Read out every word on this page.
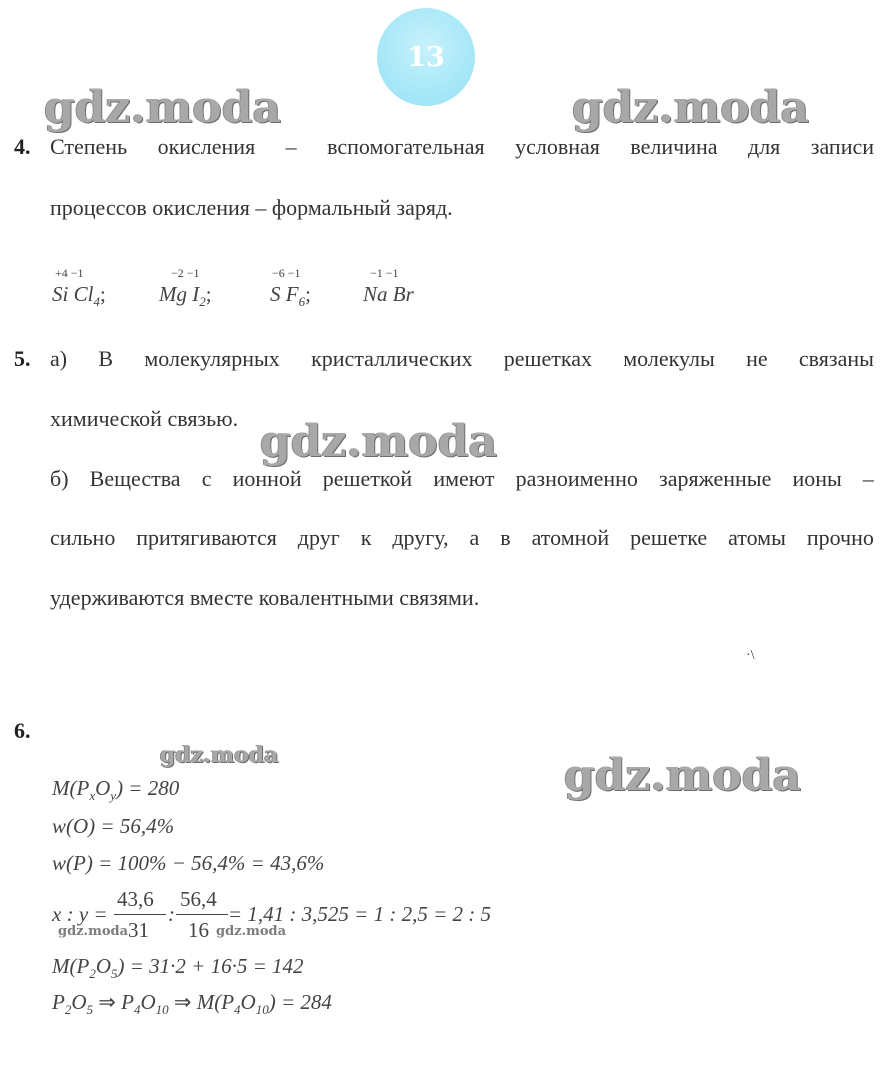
13
gdz.moda	gdz.moda
gdz.moda
gdz.moda	gdz.moda
gdz.moda	gdz.moda
4. Степень окисления – вспомогательная условная величина для записи
процессов окисления – формальный заряд.
+4 −1
Si $Cl_4$;
−2 −1
Mg $I_2$;
−6 −1
S $F_6$;
−1 −1
Na Br
5. а) В молекулярных кристаллических решетках молекулы не связаны
химической связью.
б) Вещества с ионной решеткой имеют разноименно заряженные ионы –
сильно притягиваются друг к другу, а в атомной решетке атомы прочно
удерживаются вместе ковалентными связями.
·\
6.
$M(P_xO_y) = 280$
w(O) = 56,4%
w(P) = 100% − 56,4% = 43,6%
x : y =
43,6
31
:
56,4
16
= 1,41 : 3,525 = 1 : 2,5 = 2 : 5
$M(P_2O_5) = 31\cdot 2 + 16\cdot 5 = 142$
$P_2O_5$ ⇒ $P_4O_{10}$ ⇒ $M(P_4O_{10}) = 284$
